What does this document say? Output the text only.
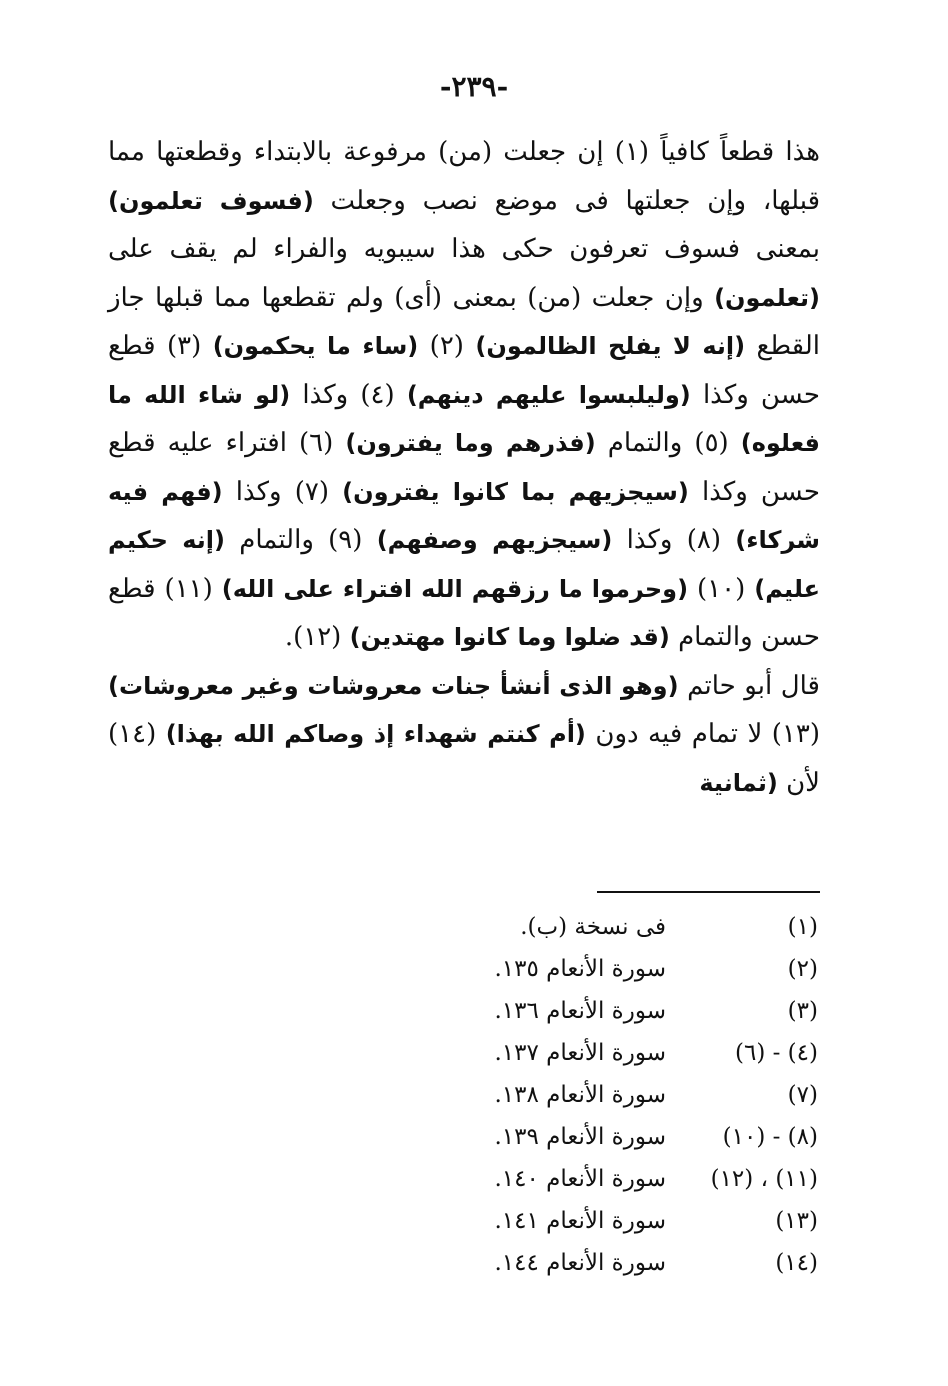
-٢٣٩-

هذا قطعاً كافياً (١) إن جعلت (من) مرفوعة بالابتداء وقطعتها مما قبلها، وإن جعلتها فى موضع نصب وجعلت (فسوف تعلمون) بمعنى فسوف تعرفون حكى هذا سيبويه والفراء لم يقف على (تعلمون) وإن جعلت (من) بمعنى (أى) ولم تقطعها مما قبلها جاز القطع (إنه لا يفلح الظالمون) (٢) (ساء ما يحكمون) (٣) قطع حسن وكذا (وليلبسوا عليهم دينهم) (٤) وكذا (لو شاء الله ما فعلوه) (٥) والتمام (فذرهم وما يفترون) (٦) افتراء عليه قطع حسن وكذا (سيجزيهم بما كانوا يفترون) (٧) وكذا (فهم فيه شركاء) (٨) وكذا (سيجزيهم وصفهم) (٩) والتمام (إنه حكيم عليم) (١٠) (وحرموا ما رزقهم الله افتراء على الله) (١١) قطع حسن والتمام (قد ضلوا وما كانوا مهتدين) (١٢).

قال أبو حاتم (وهو الذى أنشأ جنات معروشات وغير معروشات) (١٣) لا تمام فيه دون (أم كنتم شهداء إذ وصاكم الله بهذا) (١٤) لأن (ثمانية

(١)
فى نسخة (ب).
(٢)
سورة الأنعام ١٣٥.
(٣)
سورة الأنعام ١٣٦.
(٤) - (٦)
سورة الأنعام ١٣٧.
(٧)
سورة الأنعام ١٣٨.
(٨) - (١٠)
سورة الأنعام ١٣٩.
(١١) ، (١٢)
سورة الأنعام ١٤٠.
(١٣)
سورة الأنعام ١٤١.
(١٤)
سورة الأنعام ١٤٤.
